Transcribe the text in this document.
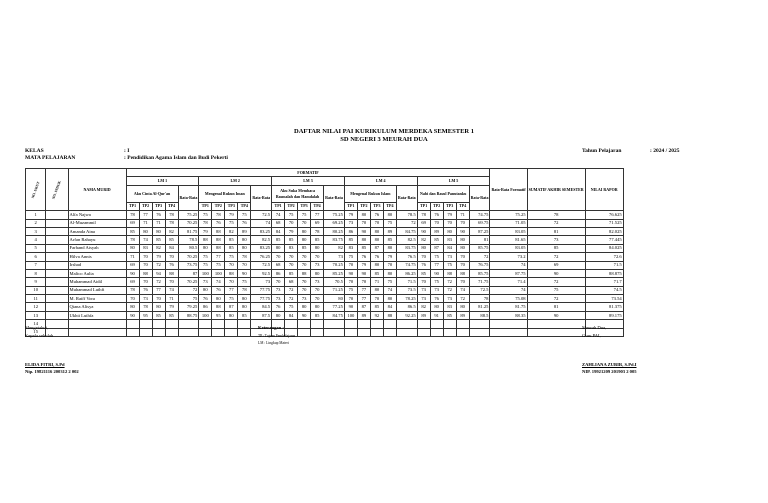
DAFTAR NILAI PAI KURIKULUM MERDEKA SEMESTER 1
SD NEGERI 3 MEURAH DUA
KELAS	: I
MATA PELAJARAN	: Pendidikan Agama Islam dan Budi Pekerti
Tahun Pelajaran	: 2024 / 2025
NO. URUT	NO. INDUK	NAMA MURID	FORMATIF																									Rata-Rata Formatif	SUMATIF AKHIR SEMESTER	NILAI RAPOR
			LM 1					LM 2					LM 3					LM 4					LM 5							
			Aku Cinta Al-Qur'an				Rata-Rata	Mengenal Rukun Iman				Rata-Rata	Aku Suka Membaca Basmalah dan Hamdalah				Rata-Rata	Mengenal Rukun Islam				Rata-Rata	Nabi dan Rasul Panutanku				Rata-Rata			
			TP1	TP2	TP3	TP4		TP1	TP2	TP3	TP4		TP1	TP2	TP3	TP4		TP1	TP2	TP3	TP4		TP1	TP2	TP3	TP4				
1		Alfa Najwa	78	77	76	78	75.25	75	78	79	75	72.5	74	75	75	77	75.25	79	80	76	80	78.5	78	76	79	71	74.75	75.25	78	76.625
2		Al-Muzammil	69	71	71	78	70.25	78	76	75	76	74	68	70	70	69	69.25	73	70	70	75	72	69	70	70	70	69.75	71.05	72	71.525
3		Amanda Aina	85	80	80	82	81.75	79	88	82	89	83.25	84	79	80	78	80.25	86	90	80	89	84.75	90	89	80	90	87.25	83.05	81	82.025
4		Arfan Rahayu	78	74	85	85	78.5	88	88	85	80	82.5	85	85	80	85	83.75	85	80	80	85	82.5	82	85	83	80	81	81.65	73	77.445
5		Farhand Aisyah	80	83	82	84	80.5	80	88	85	80	83.25	80	83	85	80	82	83	85	87	80	83.75	80	87	84	80	85.75	83.05	85	84.025
6		Hilva Annis	71	70	79	70	70.25	75	77	75	78	76.25	70	70	70	70	73	75	76	76	79	76.5	70	75	73	70	72	73.2	72	72.6
7		Irshad	69	70	72	76	73.75	75	75	70	70	72.5	68	70	70	73	70.25	70	79	80	70	74.75	76	77	75	70	76.75	74	69	71.5
8		Malico Aulia	90	88	94	88	87	100	100	88	90	92.5	86	85	88	80	85.25	90	90	85	80	86.25	85	90	88	88	85.75	87.75	90	88.875
9		Muhammad Aidil	69	70	72	70	70.25	73	74	70	75	73	70	68	70	73	70.5	70	70	71	75	71.5	70	75	72	70	71.75	71.4	72	71.7
10		Muhammad Luthfi	78	76	77	74	72	80	76	77	78	77.75	73	72	70	70	71.25	75	77	80	74	73.5	73	73	72	74	72.5	74	75	74.5
11		M. Raiff Vora	70	73	70	71	75	76	80	75	80	77.75	73	72	73	70	80	70	77	70	80	78.25	73	76	73	72	78	75.08	72	73.54
12		Qiana Alisya	80	78	80	79	79.25	86	88	87	80	84.5	76	75	80	80	77.25	90	87	85	84	86.5	82	80	83	80	81.25	81.75	81	81.375
13		Ukhti Luthfa	90	95	85	85	88.75	100	95	80	85	87.5	80	84	90	85	84.75	100	89	92	88	92.25	89	91	85	89	88.5	88.35	90	89.175
14																														
15																														
Mengetahui,
Kepala sekolah
Keterangan :
TP : Tujuan Pembelajaran
LM : Lingkup Materi
Meurah Dua,
Guru PAI,
ELIDA FITRI, S.Pd
Nip. 19821116 200312 2 002
ZAHLIANA ZUBIR, S.Pd.I
NIP. 19921209 201903 2 005
